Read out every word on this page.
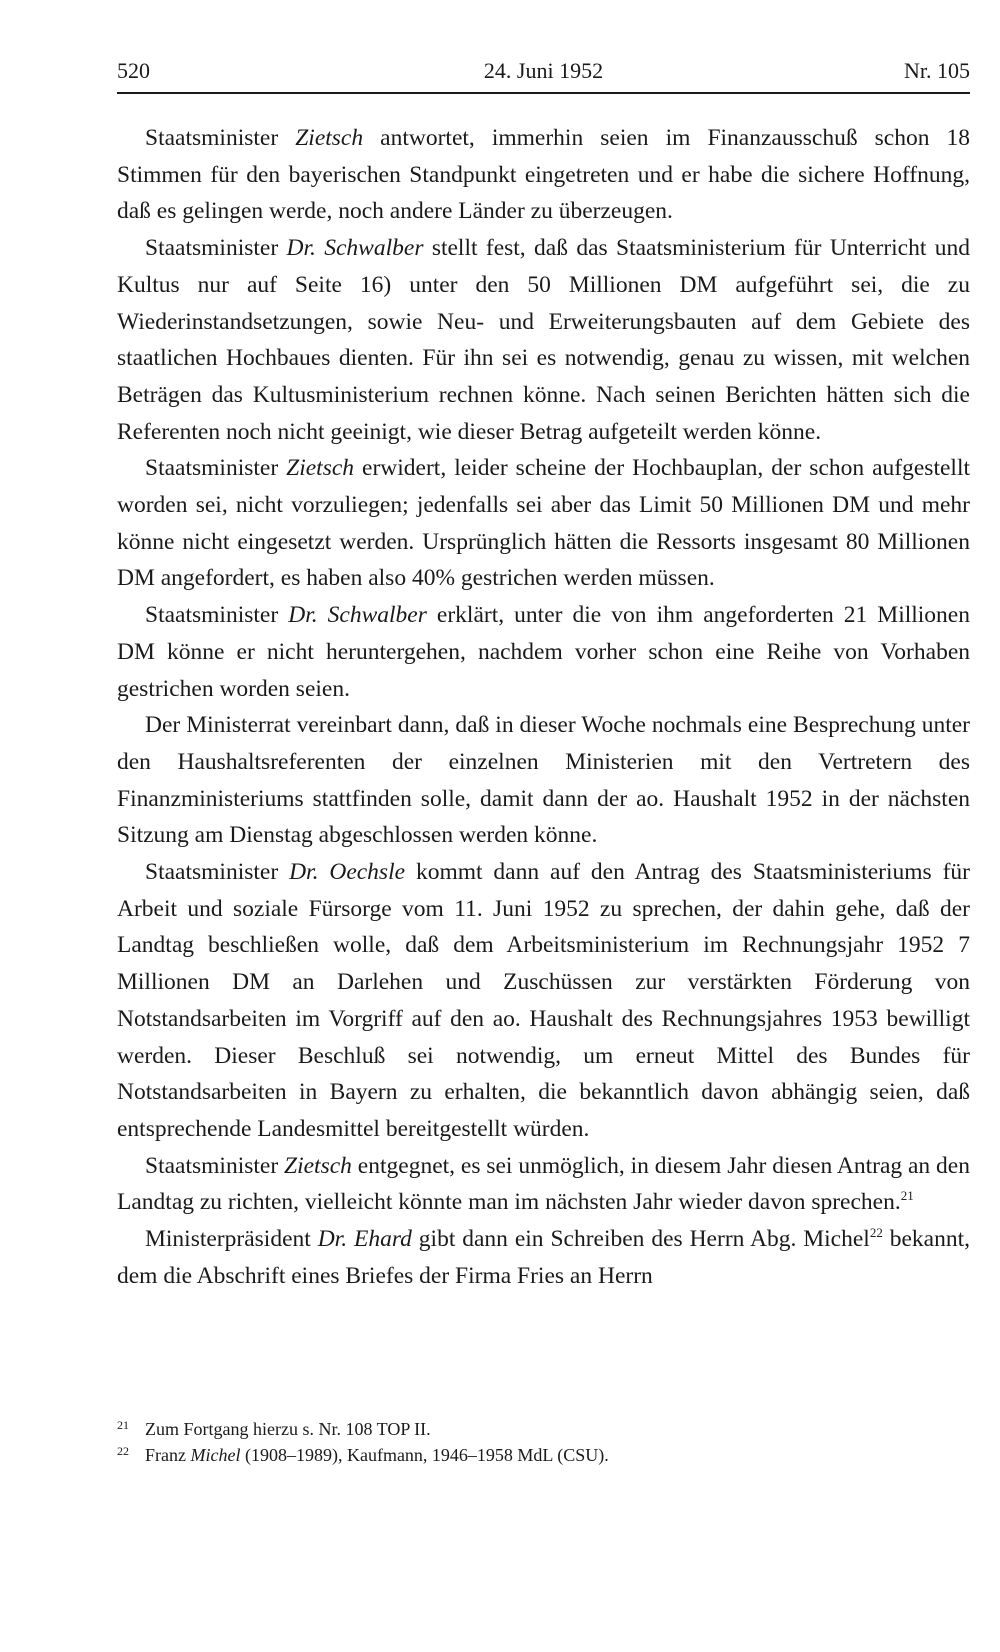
520	24. Juni 1952	Nr. 105

Staatsminister Zietsch antwortet, immerhin seien im Finanzausschuß schon 18 Stimmen für den bayerischen Standpunkt eingetreten und er habe die sichere Hoffnung, daß es gelingen werde, noch andere Länder zu überzeugen.

Staatsminister Dr. Schwalber stellt fest, daß das Staatsministerium für Unterricht und Kultus nur auf Seite 16) unter den 50 Millionen DM aufgeführt sei, die zu Wiederinstandsetzungen, sowie Neu- und Erweiterungsbauten auf dem Gebiete des staatlichen Hochbaues dienten. Für ihn sei es notwendig, genau zu wissen, mit welchen Beträgen das Kultusministerium rechnen könne. Nach seinen Berichten hätten sich die Referenten noch nicht geeinigt, wie dieser Betrag aufgeteilt werden könne.

Staatsminister Zietsch erwidert, leider scheine der Hochbauplan, der schon aufgestellt worden sei, nicht vorzuliegen; jedenfalls sei aber das Limit 50 Millionen DM und mehr könne nicht eingesetzt werden. Ursprünglich hätten die Ressorts insgesamt 80 Millionen DM angefordert, es haben also 40% gestrichen werden müssen.

Staatsminister Dr. Schwalber erklärt, unter die von ihm angeforderten 21 Millionen DM könne er nicht heruntergehen, nachdem vorher schon eine Reihe von Vorhaben gestrichen worden seien.

Der Ministerrat vereinbart dann, daß in dieser Woche nochmals eine Besprechung unter den Haushaltsreferenten der einzelnen Ministerien mit den Vertretern des Finanzministeriums stattfinden solle, damit dann der ao. Haushalt 1952 in der nächsten Sitzung am Dienstag abgeschlossen werden könne.

Staatsminister Dr. Oechsle kommt dann auf den Antrag des Staatsministeriums für Arbeit und soziale Fürsorge vom 11. Juni 1952 zu sprechen, der dahin gehe, daß der Landtag beschließen wolle, daß dem Arbeitsministerium im Rechnungsjahr 1952 7 Millionen DM an Darlehen und Zuschüssen zur verstärkten Förderung von Notstandsarbeiten im Vorgriff auf den ao. Haushalt des Rechnungsjahres 1953 bewilligt werden. Dieser Beschluß sei notwendig, um erneut Mittel des Bundes für Notstandsarbeiten in Bayern zu erhalten, die bekanntlich davon abhängig seien, daß entsprechende Landesmittel bereitgestellt würden.

Staatsminister Zietsch entgegnet, es sei unmöglich, in diesem Jahr diesen Antrag an den Landtag zu richten, vielleicht könnte man im nächsten Jahr wieder davon sprechen.$^{21}$

Ministerpräsident Dr. Ehard gibt dann ein Schreiben des Herrn Abg. Michel$^{22}$ bekannt, dem die Abschrift eines Briefes der Firma Fries an Herrn

21 Zum Fortgang hierzu s. Nr. 108 TOP II.
22 Franz Michel (1908–1989), Kaufmann, 1946–1958 MdL (CSU).
